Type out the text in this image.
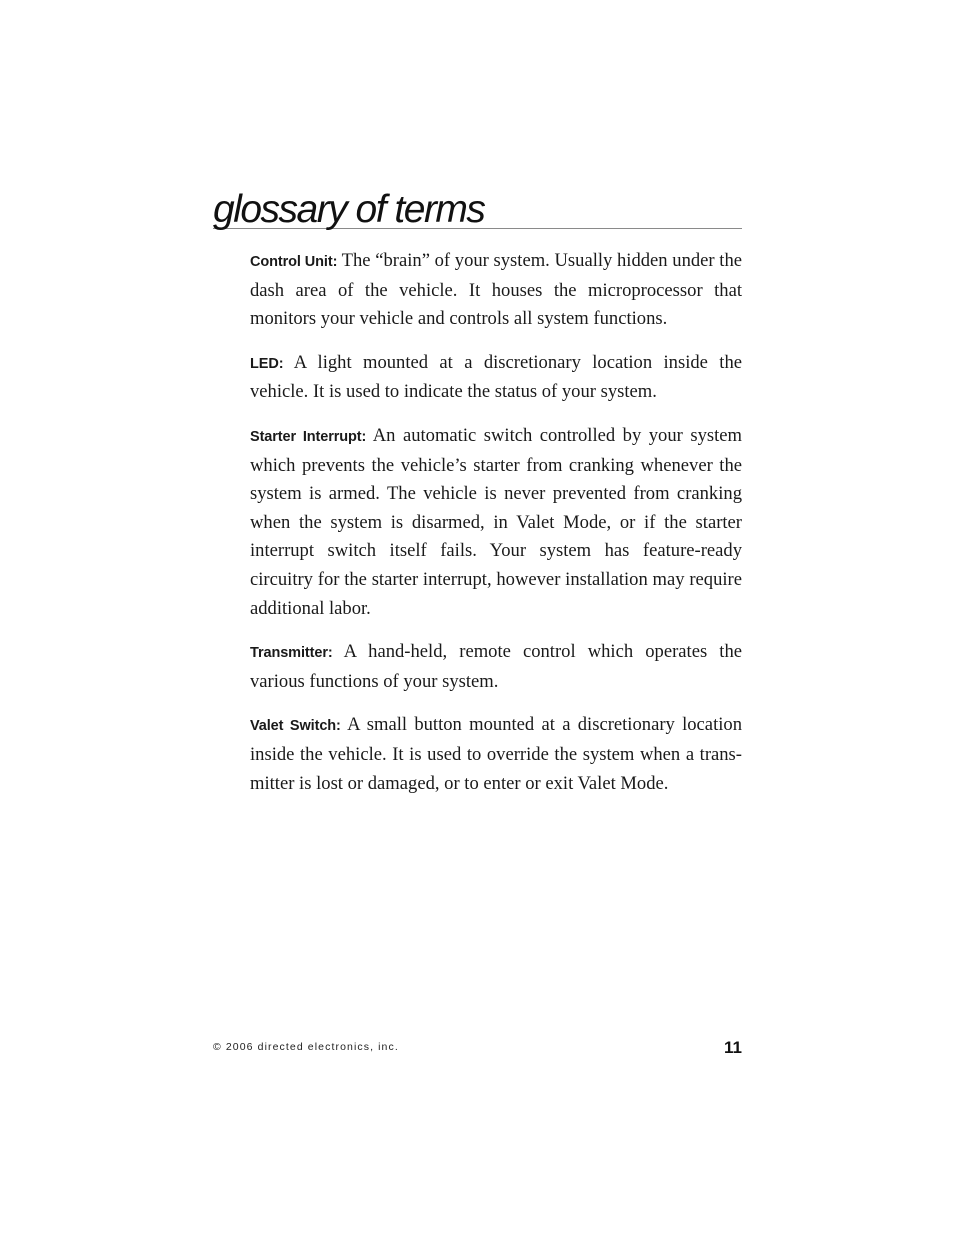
glossary of terms

Control Unit: The “brain” of your system. Usually hidden under the dash area of the vehicle. It houses the microprocessor that monitors your vehicle and controls all system functions.

LED: A light mounted at a discretionary location inside the vehicle. It is used to indicate the status of your system.

Starter Interrupt: An automatic switch controlled by your system which prevents the vehicle’s starter from cranking whenever the system is armed. The vehicle is never prevented from cranking when the system is disarmed, in Valet Mode, or if the starter interrupt switch itself fails. Your system has feature-ready circuitry for the starter interrupt, however installation may require additional labor.

Transmitter: A hand-held, remote control which operates the various functions of your system.

Valet Switch: A small button mounted at a discretionary location inside the vehicle. It is used to override the system when a transmitter is lost or damaged, or to enter or exit Valet Mode.

© 2006 directed electronics, inc.	11
